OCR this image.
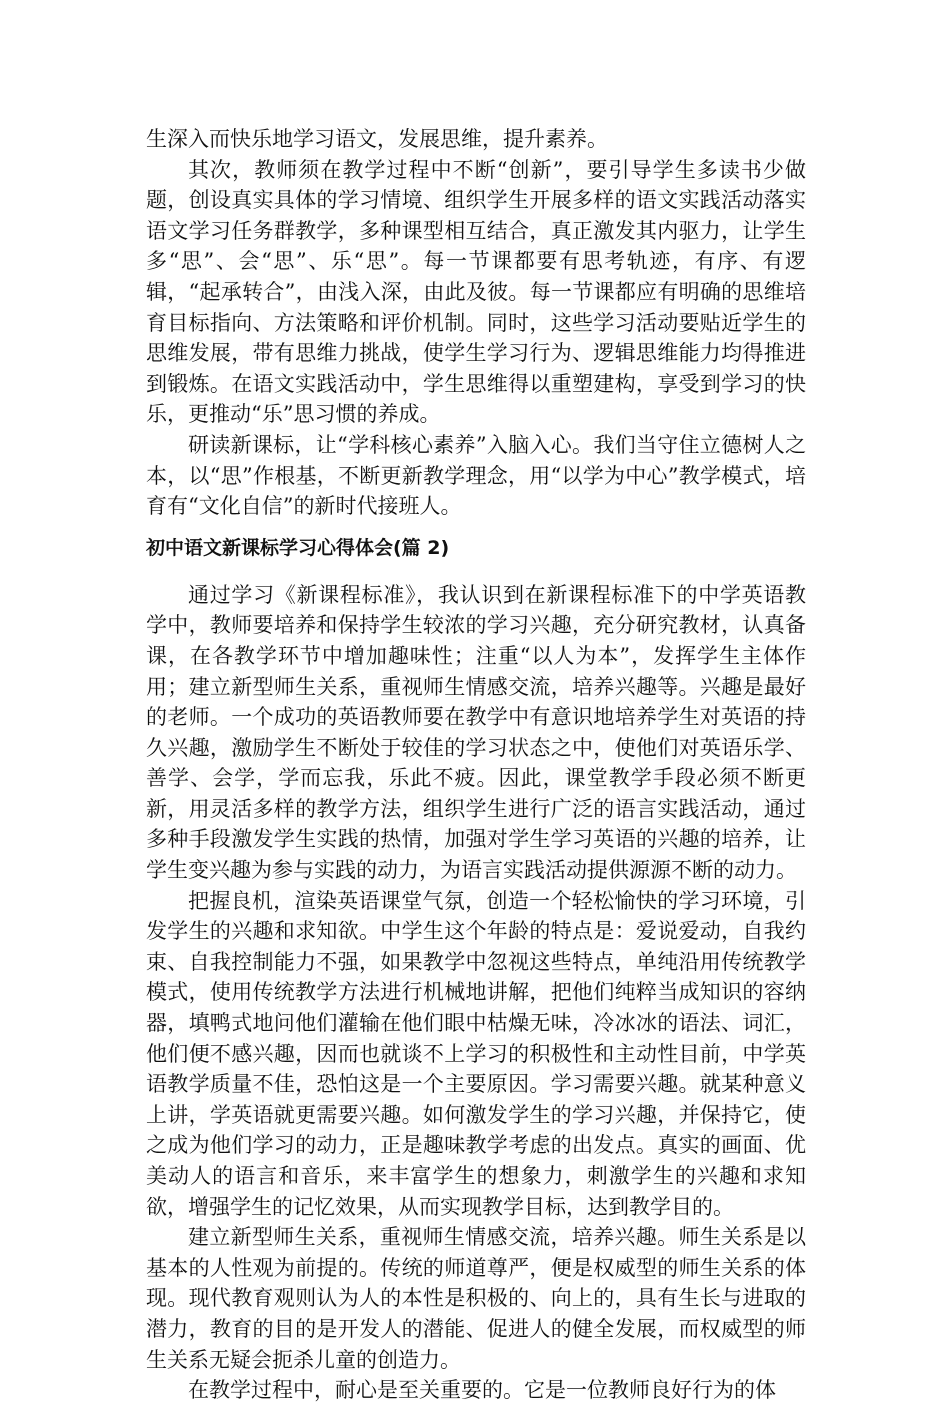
生深入而快乐地学习语文，发展思维，提升素养。

其次，教师须在教学过程中不断“创新”，要引导学生多读书少做题，创设真实具体的学习情境、组织学生开展多样的语文实践活动落实语文学习任务群教学，多种课型相互结合，真正激发其内驱力，让学生多“思”、会“思”、乐“思”。每一节课都要有思考轨迹，有序、有逻辑，“起承转合”，由浅入深，由此及彼。每一节课都应有明确的思维培育目标指向、方法策略和评价机制。同时，这些学习活动要贴近学生的思维发展，带有思维力挑战，使学生学习行为、逻辑思维能力均得推进到锻炼。在语文实践活动中，学生思维得以重塑建构，享受到学习的快乐，更推动“乐”思习惯的养成。

研读新课标，让“学科核心素养”入脑入心。我们当守住立德树人之本，以“思”作根基，不断更新教学理念，用“以学为中心”教学模式，培育有“文化自信”的新时代接班人。

初中语文新课标学习心得体会(篇 2)

通过学习《新课程标准》，我认识到在新课程标准下的中学英语教学中，教师要培养和保持学生较浓的学习兴趣，充分研究教材，认真备课，在各教学环节中增加趣味性；注重“以人为本”，发挥学生主体作用；建立新型师生关系，重视师生情感交流，培养兴趣等。兴趣是最好的老师。一个成功的英语教师要在教学中有意识地培养学生对英语的持久兴趣，激励学生不断处于较佳的学习状态之中，使他们对英语乐学、善学、会学，学而忘我，乐此不疲。因此，课堂教学手段必须不断更新，用灵活多样的教学方法，组织学生进行广泛的语言实践活动，通过多种手段激发学生实践的热情，加强对学生学习英语的兴趣的培养，让学生变兴趣为参与实践的动力，为语言实践活动提供源源不断的动力。

把握良机，渲染英语课堂气氛，创造一个轻松愉快的学习环境，引发学生的兴趣和求知欲。中学生这个年龄的特点是：爱说爱动，自我约束、自我控制能力不强，如果教学中忽视这些特点，单纯沿用传统教学模式，使用传统教学方法进行机械地讲解，把他们纯粹当成知识的容纳器，填鸭式地问他们灌输在他们眼中枯燥无味，冷冰冰的语法、词汇，他们便不感兴趣，因而也就谈不上学习的积极性和主动性目前，中学英语教学质量不佳，恐怕这是一个主要原因。学习需要兴趣。就某种意义上讲，学英语就更需要兴趣。如何激发学生的学习兴趣，并保持它，使之成为他们学习的动力，正是趣味教学考虑的出发点。真实的画面、优美动人的语言和音乐，来丰富学生的想象力，刺激学生的兴趣和求知欲，增强学生的记忆效果，从而实现教学目标，达到教学目的。

建立新型师生关系，重视师生情感交流，培养兴趣。师生关系是以基本的人性观为前提的。传统的师道尊严，便是权威型的师生关系的体现。现代教育观则认为人的本性是积极的、向上的，具有生长与进取的潜力，教育的目的是开发人的潜能、促进人的健全发展，而权威型的师生关系无疑会扼杀儿童的创造力。

在教学过程中，耐心是至关重要的。它是一位教师良好行为的体
